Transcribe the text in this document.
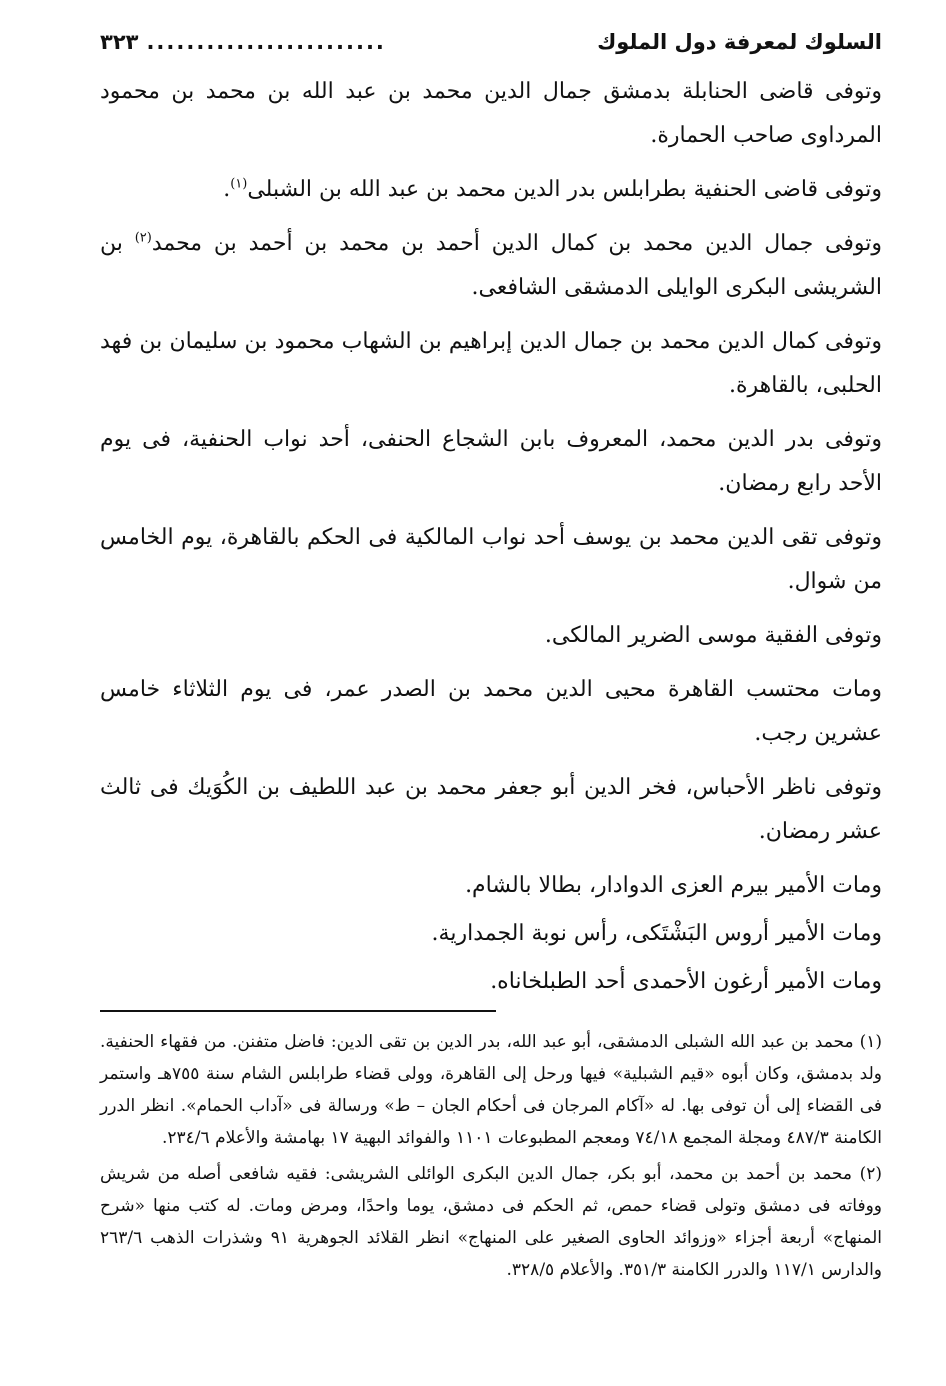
السلوك لمعرفة دول الملوك
........................
٣٢٣

وتوفى قاضى الحنابلة بدمشق جمال الدين محمد بن عبد الله بن محمد بن محمود المرداوى صاحب الحمارة.

وتوفى قاضى الحنفية بطرابلس بدر الدين محمد بن عبد الله بن الشبلى$^{(١)}$.

وتوفى جمال الدين محمد بن كمال الدين أحمد بن محمد بن أحمد بن محمد$^{(٢)}$ بن الشريشى البكرى الوايلى الدمشقى الشافعى.

وتوفى كمال الدين محمد بن جمال الدين إبراهيم بن الشهاب محمود بن سليمان بن فهد الحلبى، بالقاهرة.

وتوفى بدر الدين محمد، المعروف بابن الشجاع الحنفى، أحد نواب الحنفية، فى يوم الأحد رابع رمضان.

وتوفى تقى الدين محمد بن يوسف أحد نواب المالكية فى الحكم بالقاهرة، يوم الخامس من شوال.

وتوفى الفقية موسى الضرير المالكى.

ومات محتسب القاهرة محيى الدين محمد بن الصدر عمر، فى يوم الثلاثاء خامس عشرين رجب.

وتوفى ناظر الأحباس، فخر الدين أبو جعفر محمد بن عبد اللطيف بن الكُوَيك فى ثالث عشر رمضان.

ومات الأمير بيرم العزى الدوادار، بطالا بالشام.

ومات الأمير أروس البَشْتَكى، رأس نوبة الجمدارية.

ومات الأمير أرغون الأحمدى أحد الطبلخاناه.

(١) محمد بن عبد الله الشبلى الدمشقى، أبو عبد الله، بدر الدين بن تقى الدين: فاضل متفنن. من فقهاء الحنفية. ولد بدمشق، وكان أبوه «قيم الشبلية» فيها ورحل إلى القاهرة، وولى قضاء طرابلس الشام سنة ٧٥٥هـ واستمر فى القضاء إلى أن توفى بها. له «آكام المرجان فى أحكام الجان – ط» ورسالة فى «آداب الحمام». انظر الدرر الكامنة ٤٨٧/٣ ومجلة المجمع ٧٤/١٨ ومعجم المطبوعات ١١٠١ والفوائد البهية ١٧ بهامشة والأعلام ٢٣٤/٦.

(٢) محمد بن أحمد بن محمد، أبو بكر، جمال الدين البكرى الوائلى الشريشى: فقيه شافعى أصله من شريش ووفاته فى دمشق وتولى قضاء حمص، ثم الحكم فى دمشق، يوما واحدًا، ومرض ومات. له كتب منها «شرح المنهاج» أربعة أجزاء «وزوائد الحاوى الصغير على المنهاج» انظر القلائد الجوهرية ٩١ وشذرات الذهب ٢٦٣/٦ والدارس ١١٧/١ والدرر الكامنة ٣٥١/٣. والأعلام ٣٢٨/٥.
